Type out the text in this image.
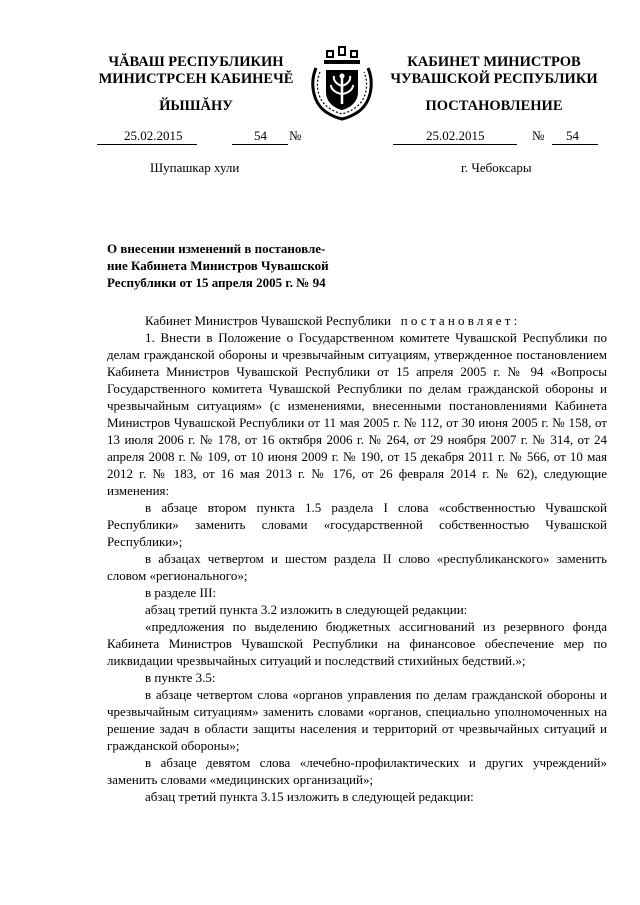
ЧĂВАШ РЕСПУБЛИКИН
МИНИСТРСЕН КАБИНЕЧĔ
ЙЫШĂНУ
КАБИНЕТ МИНИСТРОВ
ЧУВАШСКОЙ РЕСПУБЛИКИ
ПОСТАНОВЛЕНИЕ
25.02.2015	54 №	25.02.2015	№ 54
Шупашкар хули	г. Чебоксары
О внесении изменений в постановле-
ние Кабинета Министров Чувашской
Республики от 15 апреля 2005 г. № 94

Кабинет Министров Чувашской Республики постановляет:

1. Внести в Положение о Государственном комитете Чувашской Республики по делам гражданской обороны и чрезвычайным ситуациям, утвержденное постановлением Кабинета Министров Чувашской Республики от 15 апреля 2005 г. № 94 «Вопросы Государственного комитета Чувашской Республики по делам гражданской обороны и чрезвычайным ситуациям» (с изменениями, внесенными постановлениями Кабинета Министров Чувашской Республики от 11 мая 2005 г. № 112, от 30 июня 2005 г. № 158, от 13 июля 2006 г. № 178, от 16 октября 2006 г. № 264, от 29 ноября 2007 г. № 314, от 24 апреля 2008 г. № 109, от 10 июня 2009 г. № 190, от 15 декабря 2011 г. № 566, от 10 мая 2012 г. № 183, от 16 мая 2013 г. № 176, от 26 февраля 2014 г. № 62), следующие изменения:

в абзаце втором пункта 1.5 раздела I слова «собственностью Чувашской Республики» заменить словами «государственной собственностью Чувашской Республики»;

в абзацах четвертом и шестом раздела II слово «республиканского» заменить словом «регионального»;

в разделе III:

абзац третий пункта 3.2 изложить в следующей редакции:

«предложения по выделению бюджетных ассигнований из резервного фонда Кабинета Министров Чувашской Республики на финансовое обеспечение мер по ликвидации чрезвычайных ситуаций и последствий стихийных бедствий.»;

в пункте 3.5:

в абзаце четвертом слова «органов управления по делам гражданской обороны и чрезвычайным ситуациям» заменить словами «органов, специально уполномоченных на решение задач в области защиты населения и территорий от чрезвычайных ситуаций и гражданской обороны»;

в абзаце девятом слова «лечебно-профилактических и других учреждений» заменить словами «медицинских организаций»;

абзац третий пункта 3.15 изложить в следующей редакции:
